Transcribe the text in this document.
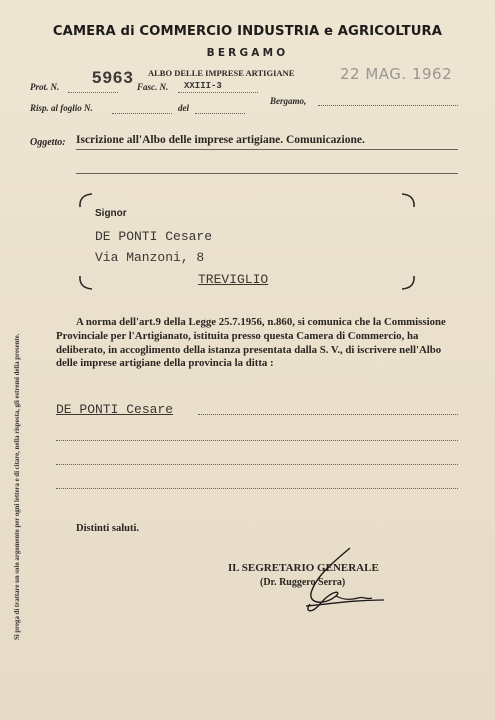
CAMERA di COMMERCIO INDUSTRIA e AGRICOLTURA
BERGAMO
Prot. N. 5963 ALBO DELLE IMPRESE ARTIGIANE
Fasc. N. XXIII-3
22 MAG. 1962
Risp. al foglio N.	del
Bergamo,
Oggetto: Iscrizione all'Albo delle imprese artigiane. Comunicazione.
Signor
DE PONTI Cesare
Via Manzoni, 8
TREVIGLIO
A norma dell'art.9 della Legge 25.7.1956, n.860, si comunica che la Commissione Provinciale per l'Artigianato, istituita presso questa Camera di Commercio, ha deliberato, in accoglimento della istanza presentata dalla S. V., di iscrivere nell'Albo delle imprese artigiane della provincia la ditta :
DE PONTI Cesare
Distinti saluti.
IL SEGRETARIO GENERALE
(Dr. Ruggero Serra)
Si prega di trattare un solo argomento per ogni lettera e di citare, nella risposta, gli estremi della presente.
